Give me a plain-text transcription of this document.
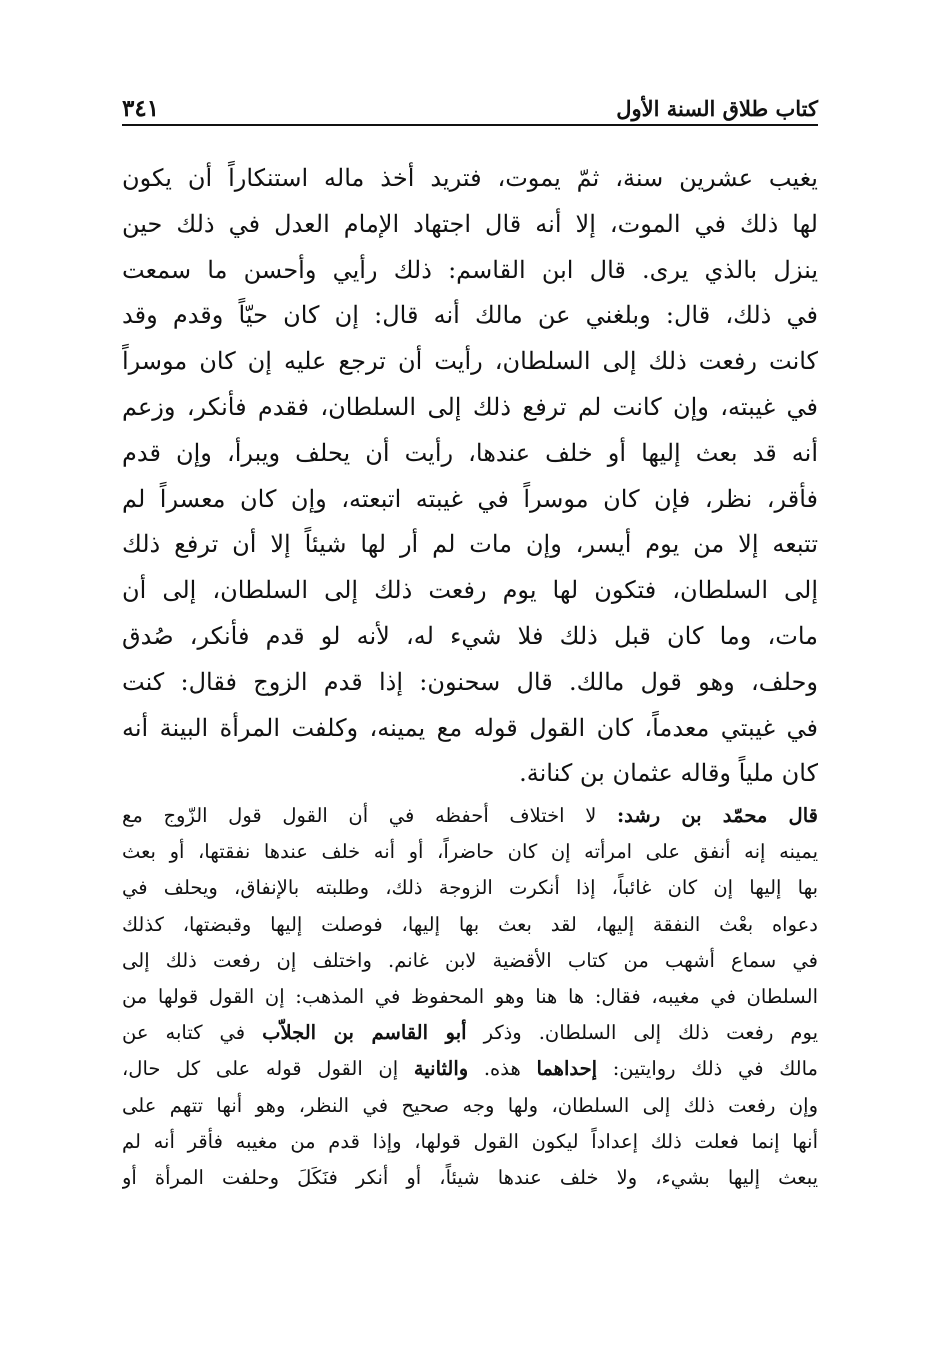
كتاب طلاق السنة الأول
٣٤١
يغيب عشرين سنة، ثمّ يموت، فتريد أخذ ماله استنكاراً أن يكون
لها ذلك في الموت، إلا أنه قال اجتهاد الإمام العدل في ذلك حين
ينزل بالذي يرى. قال ابن القاسم: ذلك رأيي وأحسن ما سمعت
في ذلك، قال: وبلغني عن مالك أنه قال: إن كان حيّاً وقدم وقد
كانت رفعت ذلك إلى السلطان، رأيت أن ترجع عليه إن كان موسراً
في غيبته، وإن كانت لم ترفع ذلك إلى السلطان، فقدم فأنكر، وزعم
أنه قد بعث إليها أو خلف عندها، رأيت أن يحلف ويبرأ، وإن قدم
فأقر، نظر، فإن كان موسراً في غيبته اتبعته، وإن كان معسراً لم
تتبعه إلا من يوم أيسر، وإن مات لم أر لها شيئاً إلا أن ترفع ذلك
إلى السلطان، فتكون لها يوم رفعت ذلك إلى السلطان، إلى أن
مات، وما كان قبل ذلك فلا شيء له، لأنه لو قدم فأنكر، صُدق
وحلف، وهو قول مالك. قال سحنون: إذا قدم الزوج فقال: كنت
في غيبتي معدماً، كان القول قوله مع يمينه، وكلفت المرأة البينة أنه
كان ملياً وقاله عثمان بن كنانة.
قال محمّد بن رشد: لا اختلاف أحفظه في أن القول قول الزّوج مع
يمينه إنه أنفق على امرأته إن كان حاضراً، أو أنه خلف عندها نفقتها، أو بعث
بها إليها إن كان غائباً، إذا أنكرت الزوجة ذلك، وطلبته بالإنفاق، ويحلف في
دعواه بعْث النفقة إليها، لقد بعث بها إليها، فوصلت إليها وقبضتها، كذلك
في سماع أشهب من كتاب الأقضية لابن غانم. واختلف إن رفعت ذلك إلى
السلطان في مغيبه، فقال: ها هنا وهو المحفوظ في المذهب: إن القول قولها من
يوم رفعت ذلك إلى السلطان. وذكر أبو القاسم بن الجلاّب في كتابه عن
مالك في ذلك روايتين: إحداهما هذه. والثانية إن القول قوله على كل حال،
وإن رفعت ذلك إلى السلطان، ولها وجه صحيح في النظر، وهو أنها تتهم على
أنها إنما فعلت ذلك إعداداً ليكون القول قولها، وإذا قدم من مغيبه فأقر أنه لم
يبعث إليها بشيء، ولا خلف عندها شيئاً، أو أنكر فنَكَلَ وحلفت المرأة أو
